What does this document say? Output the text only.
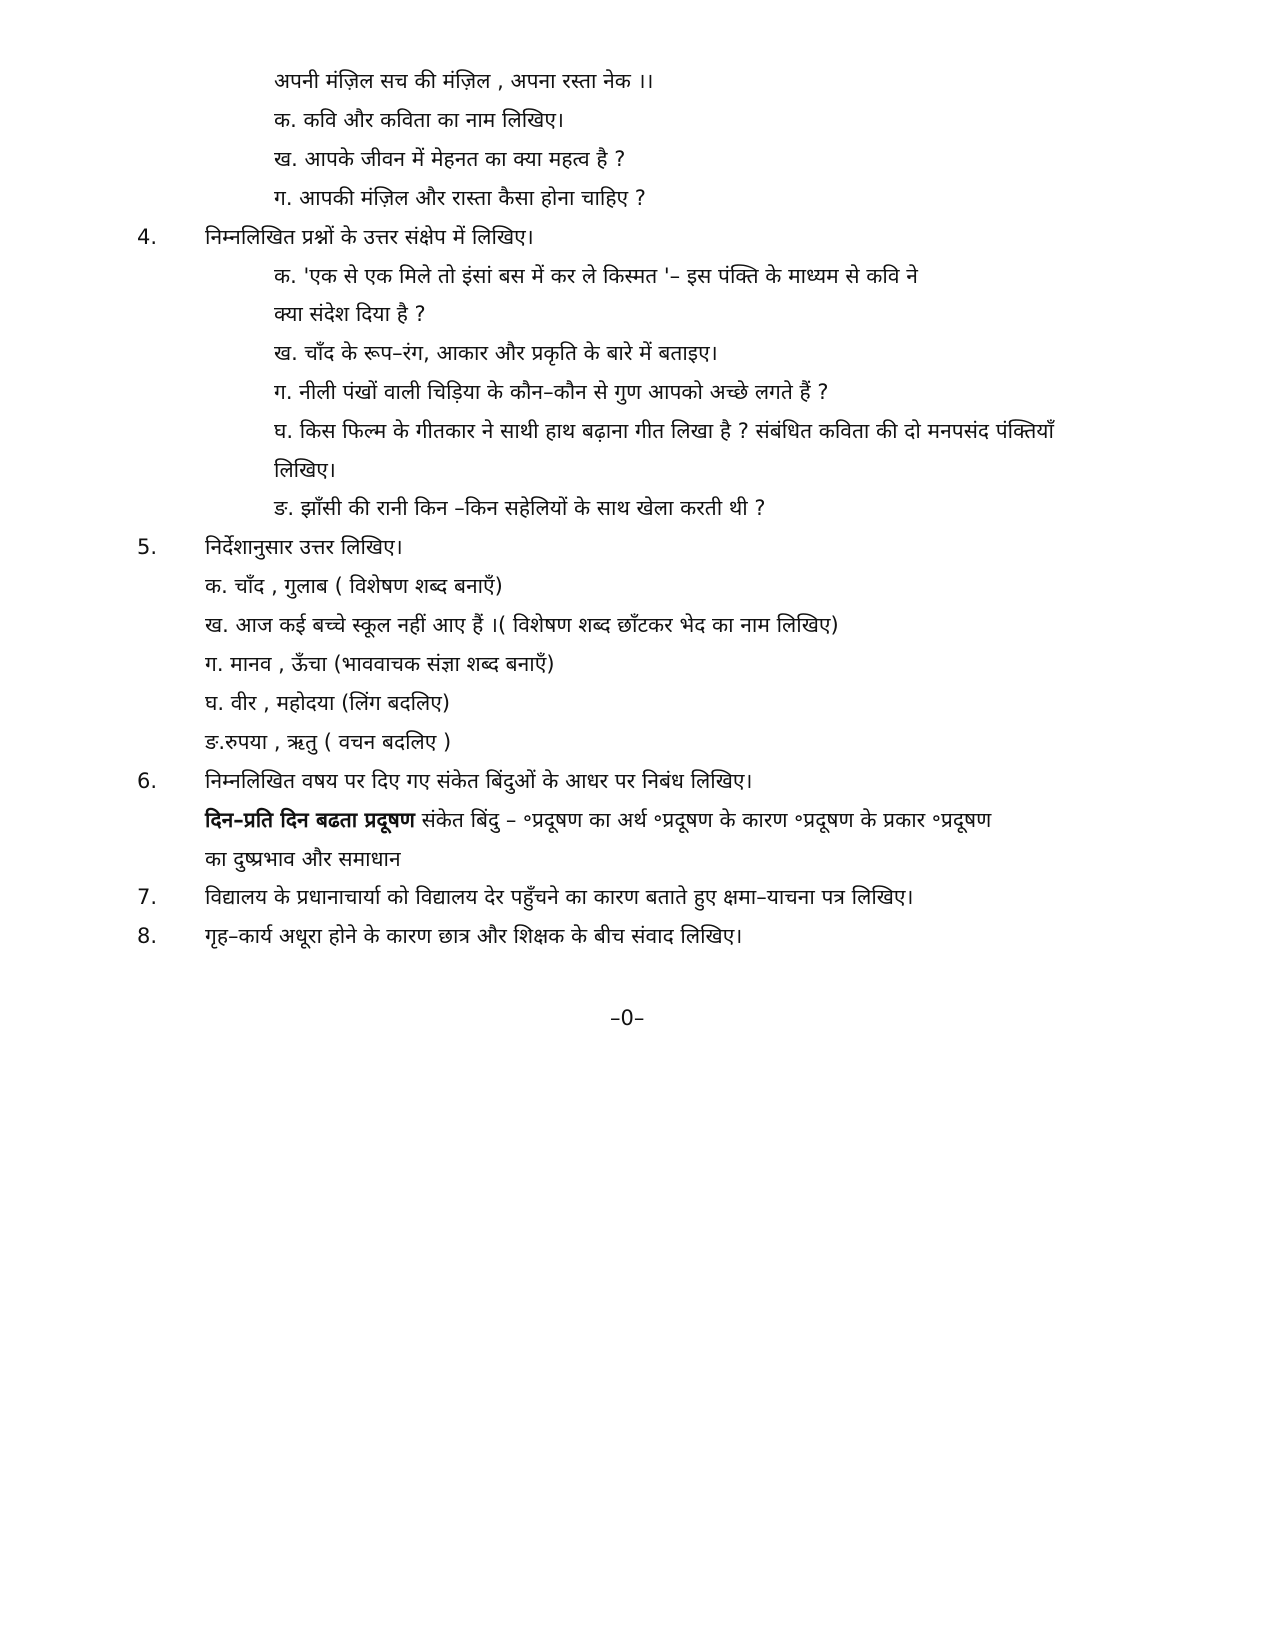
अपनी मंज़िल सच की मंज़िल , अपना रस्ता नेक ।।
क. कवि और कविता का नाम लिखिए।
ख. आपके जीवन में मेहनत का क्या महत्व है ?
ग. आपकी मंज़िल और रास्ता कैसा होना चाहिए ?
4. निम्नलिखित प्रश्नों के उत्तर संक्षेप में लिखिए।
क. 'एक से एक मिले तो इंसां बस में कर ले किस्मत '– इस पंक्ति के माध्यम से कवि ने
क्या संदेश दिया है ?
ख. चाँद के रूप–रंग, आकार और प्रकृति के बारे में बताइए।
ग. नीली पंखों वाली चिड़िया के कौन–कौन से गुण आपको अच्छे लगते हैं ?
घ. किस फिल्म के गीतकार ने साथी हाथ बढ़ाना गीत लिखा है ? संबंधित कविता की दो मनपसंद पंक्तियाँ
लिखिए।
ङ. झाँसी की रानी किन –किन सहेलियों के साथ खेला करती थी ?
5. निर्देशानुसार उत्तर लिखिए।
क. चाँद , गुलाब ( विशेषण शब्द बनाएँ)
ख. आज कई बच्चे स्कूल नहीं आए हैं ।( विशेषण शब्द छाँटकर भेद का नाम लिखिए)
ग. मानव , ऊँचा (भाववाचक संज्ञा शब्द बनाएँ)
घ. वीर , महोदया (लिंग बदलिए)
ङ.रुपया , ऋतु ( वचन बदलिए )
6. निम्नलिखित वषय पर दिए गए संकेत बिंदुओं के आधर पर निबंध लिखिए।
दिन–प्रति दिन बढता प्रदूषण संकेत बिंदु – ॰प्रदूषण का अर्थ ॰प्रदूषण के कारण ॰प्रदूषण के प्रकार ॰प्रदूषण
का दुष्प्रभाव और समाधान
7. विद्यालय के प्रधानाचार्या को विद्यालय देर पहुँचने का कारण बताते हुए क्षमा–याचना पत्र लिखिए।
8. गृह–कार्य अधूरा होने के कारण छात्र और शिक्षक के बीच संवाद लिखिए।
–0–
